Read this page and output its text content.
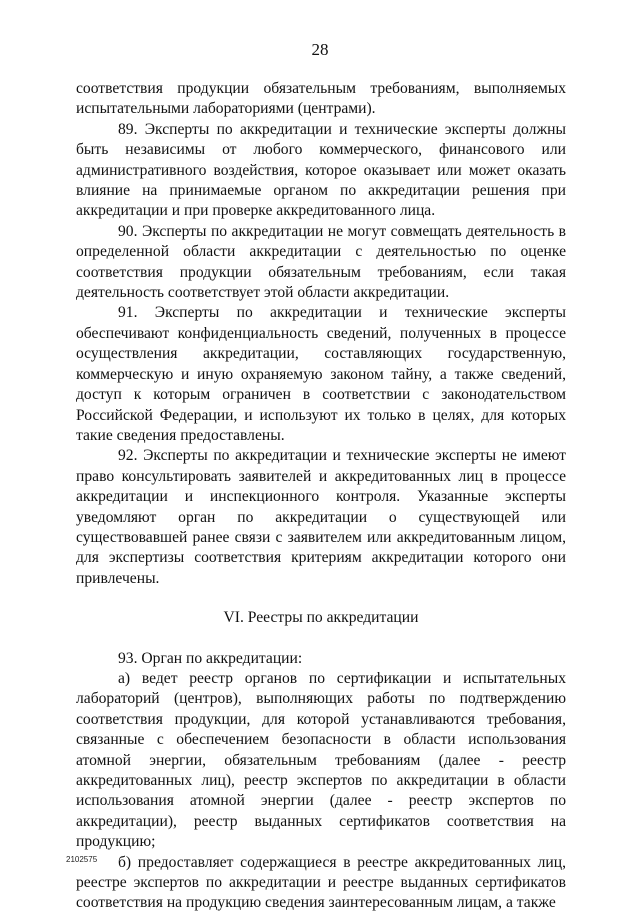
28

соответствия продукции обязательным требованиям, выполняемых испытательными лабораториями (центрами).

89. Эксперты по аккредитации и технические эксперты должны быть независимы от любого коммерческого, финансового или административного воздействия, которое оказывает или может оказать влияние на принимаемые органом по аккредитации решения при аккредитации и при проверке аккредитованного лица.

90. Эксперты по аккредитации не могут совмещать деятельность в определенной области аккредитации с деятельностью по оценке соответствия продукции обязательным требованиям, если такая деятельность соответствует этой области аккредитации.

91. Эксперты по аккредитации и технические эксперты обеспечивают конфиденциальность сведений, полученных в процессе осуществления аккредитации, составляющих государственную, коммерческую и иную охраняемую законом тайну, а также сведений, доступ к которым ограничен в соответствии с законодательством Российской Федерации, и используют их только в целях, для которых такие сведения предоставлены.

92. Эксперты по аккредитации и технические эксперты не имеют право консультировать заявителей и аккредитованных лиц в процессе аккредитации и инспекционного контроля. Указанные эксперты уведомляют орган по аккредитации о существующей или существовавшей ранее связи с заявителем или аккредитованным лицом, для экспертизы соответствия критериям аккредитации которого они привлечены.

VI. Реестры по аккредитации

93. Орган по аккредитации:

а) ведет реестр органов по сертификации и испытательных лабораторий (центров), выполняющих работы по подтверждению соответствия продукции, для которой устанавливаются требования, связанные с обеспечением безопасности в области использования атомной энергии, обязательным требованиям (далее - реестр аккредитованных лиц), реестр экспертов по аккредитации в области использования атомной энергии (далее - реестр экспертов по аккредитации), реестр выданных сертификатов соответствия на продукцию;

б) предоставляет содержащиеся в реестре аккредитованных лиц, реестре экспертов по аккредитации и реестре выданных сертификатов соответствия на продукцию сведения заинтересованным лицам, а также

2102575
